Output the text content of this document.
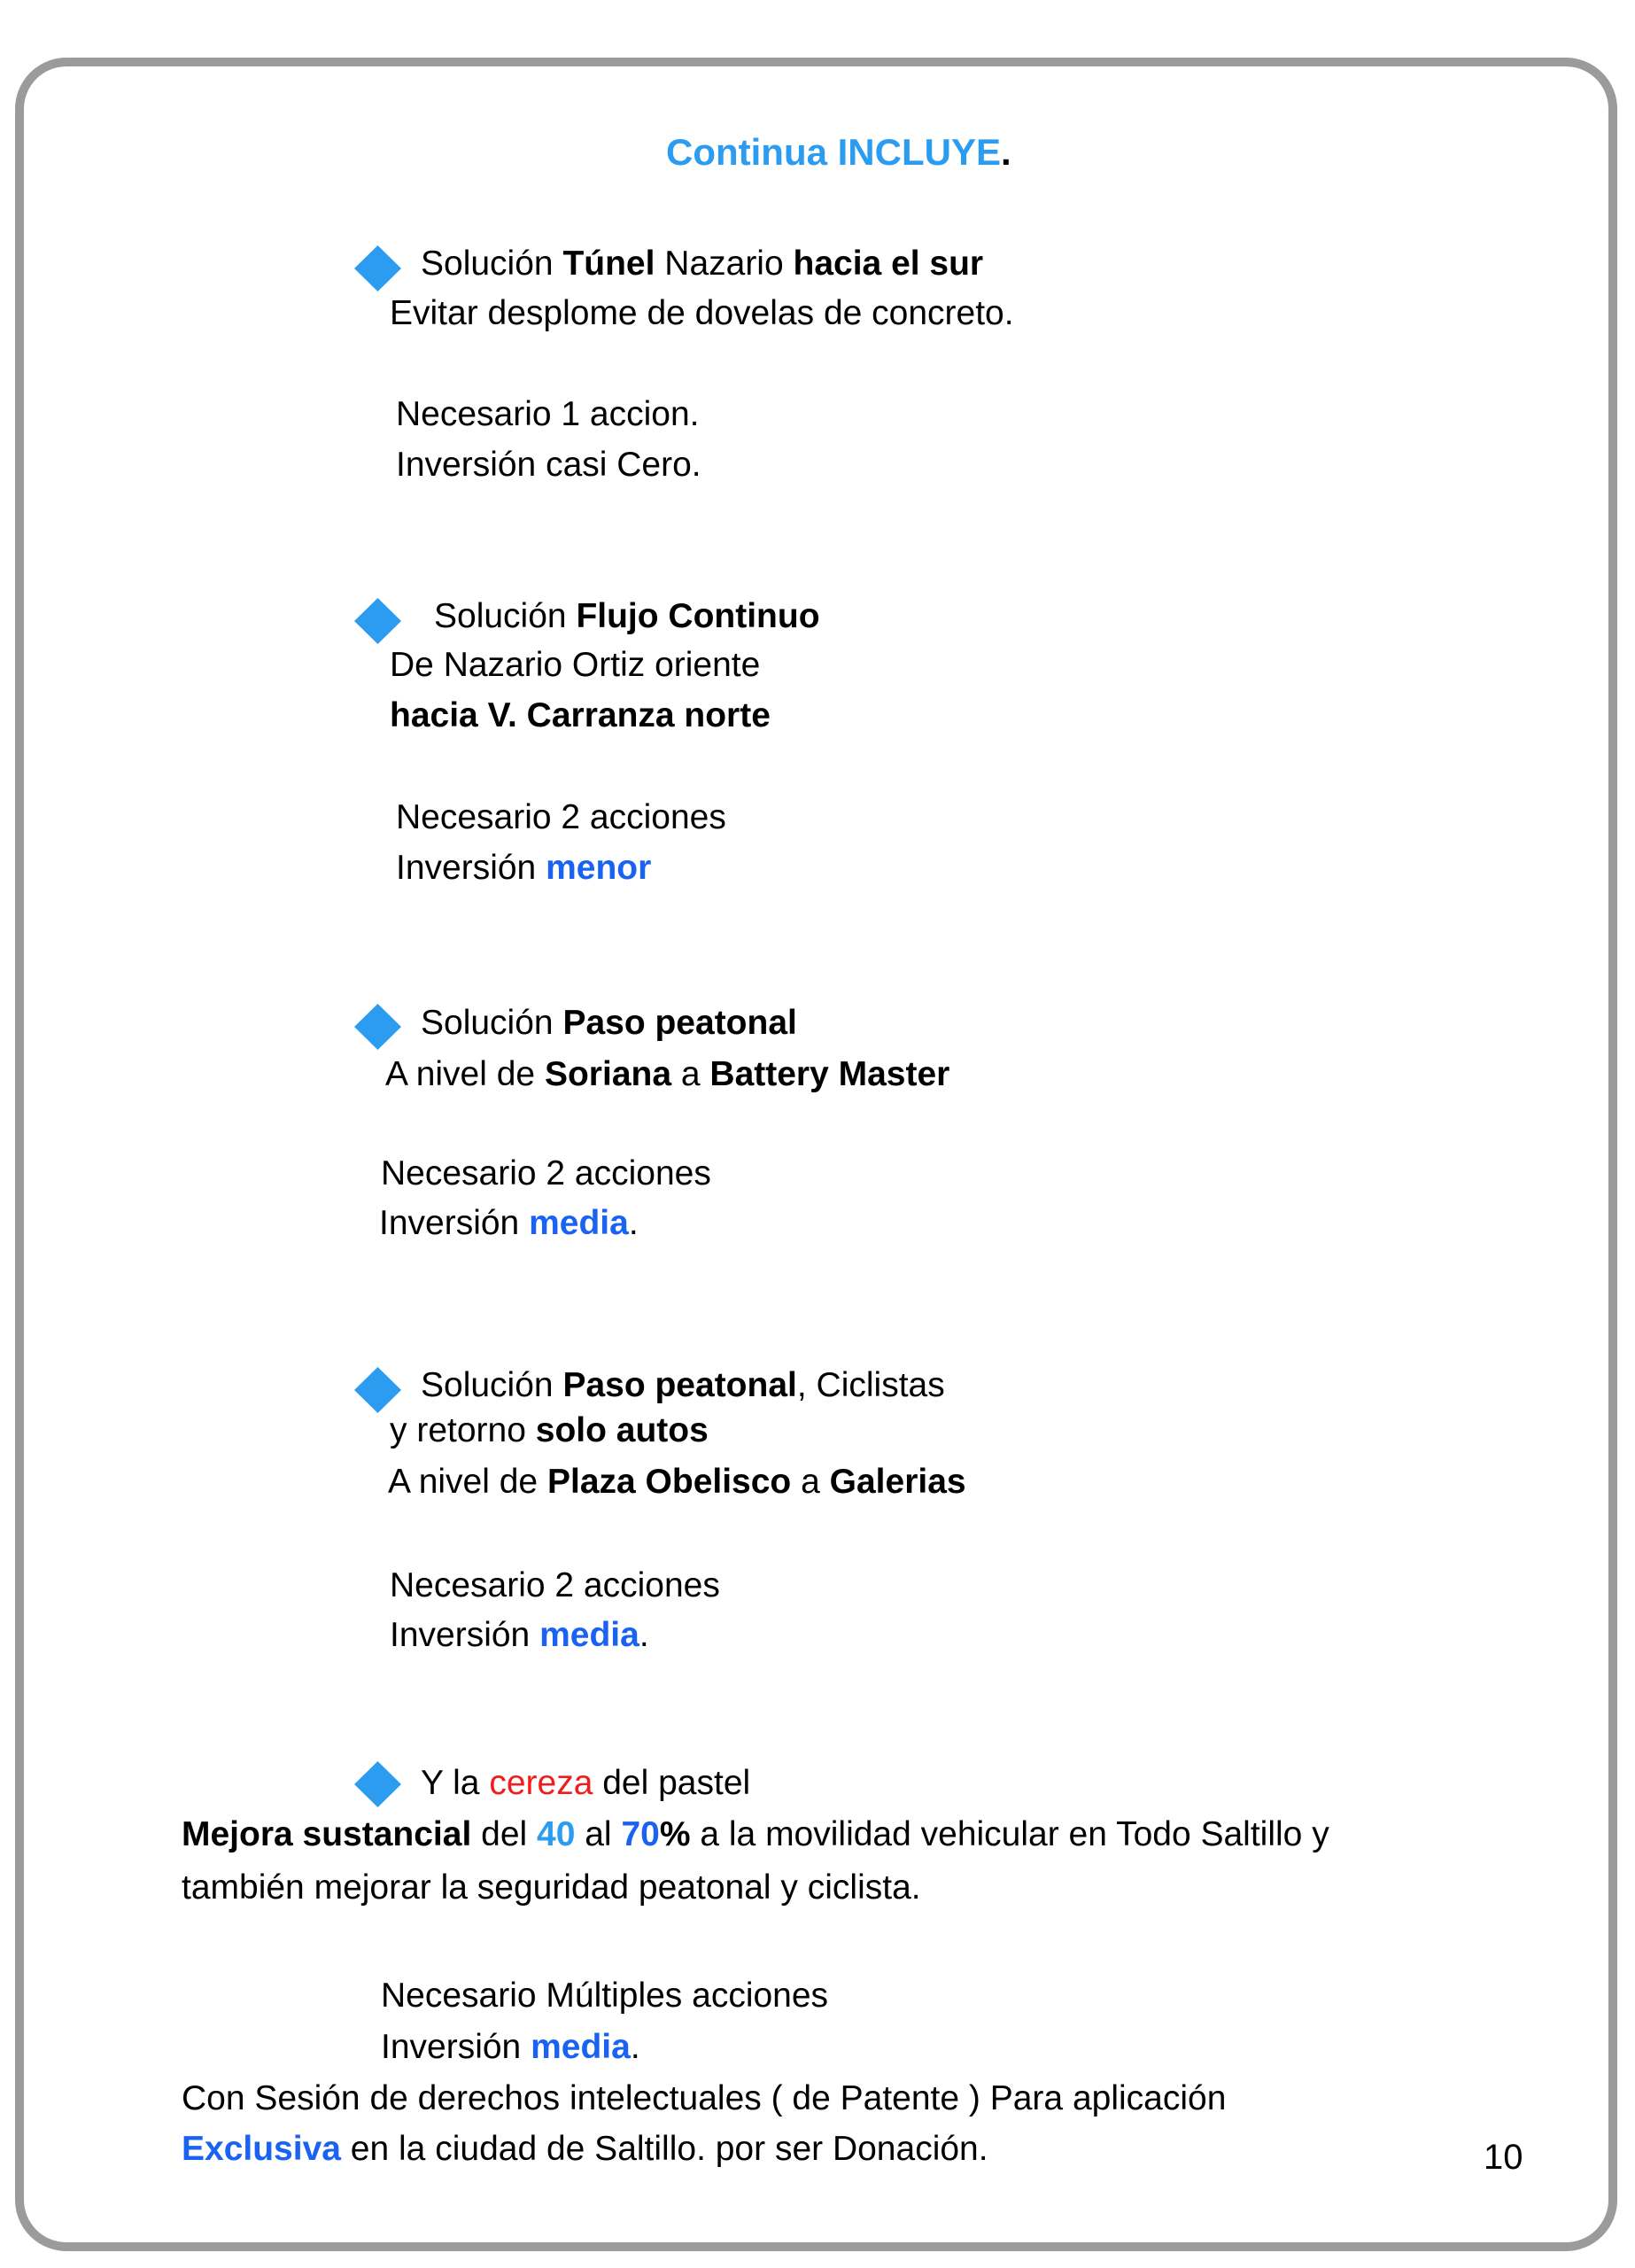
Continua INCLUYE.
Solución Túnel Nazario hacia el sur
Evitar desplome de dovelas de concreto.
Necesario 1 accion.
Inversión casi Cero.
Solución Flujo Continuo
De Nazario Ortiz oriente
hacia V. Carranza norte
Necesario 2 acciones
Inversión menor
Solución Paso peatonal
A nivel de Soriana a Battery Master
Necesario 2 acciones
Inversión media.
Solución Paso peatonal, Ciclistas
y retorno solo autos
A nivel de Plaza Obelisco a Galerias
Necesario 2 acciones
Inversión media.
Y la cereza del pastel
Mejora sustancial del 40 al 70% a la movilidad vehicular en Todo Saltillo y
también mejorar la seguridad peatonal y ciclista.
Necesario Múltiples acciones
Inversión media.
Con Sesión de derechos intelectuales ( de Patente ) Para aplicación
Exclusiva en la ciudad de Saltillo. por ser Donación.	10
